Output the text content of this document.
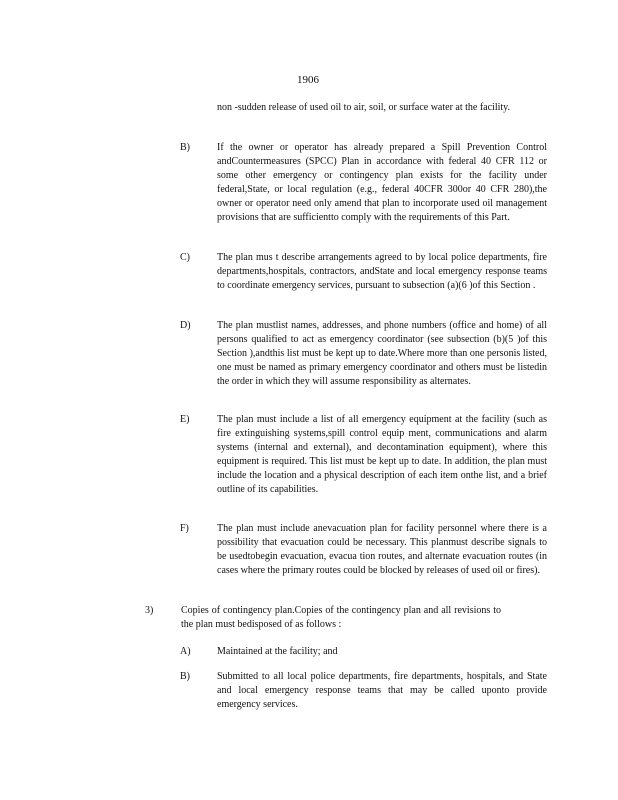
1906
non -sudden release of used oil to air, soil, or surface water at the facility.
B)	If the owner or operator has already prepared a Spill Prevention Control andCountermeasures (SPCC) Plan in accordance with federal 40 CFR 112 or some other emergency or contingency plan exists for the facility under federal,State, or local regulation (e.g., federal 40CFR 300or 40 CFR 280),the owner or operator need only amend that plan to incorporate used oil management provisions that are sufficientto comply with the requirements of this Part.
C)	The plan mus t describe arrangements agreed to by local police departments, fire departments,hospitals, contractors, andState and local emergency response teams to coordinate emergency services, pursuant to subsection (a)(6 )of this Section .
D)	The plan mustlist names, addresses, and phone numbers (office and home) of all persons qualified to act as emergency coordinator (see subsection (b)(5 )of this Section ),andthis list must be kept up to date.Where more than one personis listed, one must be named as primary emergency coordinator and others must be listedin the order in which they will assume responsibility as alternates.
E)	The plan must include a list of all emergency equipment at the facility (such as fire extinguishing systems,spill control equip ment, communications and alarm systems (internal and external), and decontamination equipment), where this equipment is required. This list must be kept up to date. In addition, the plan must include the location and a physical description of each item onthe list, and a brief outline of its capabilities.
F)	The plan must include anevacuation plan for facility personnel where there is a possibility that evacuation could be necessary. This planmust describe signals to be usedtobegin evacuation, evacua tion routes, and alternate evacuation routes (in cases where the primary routes could be blocked by releases of used oil or fires).
3)	Copies of contingency plan.Copies of the contingency plan and all revisions to the plan must bedisposed of as follows :
A)	Maintained at the facility; and
B)	Submitted to all local police departments, fire departments, hospitals, and State and local emergency response teams that may be called uponto provide emergency services.
